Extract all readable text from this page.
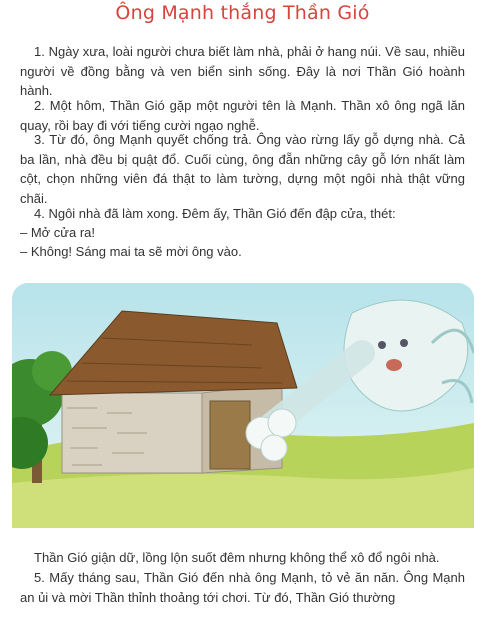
Ông Mạnh thắng Thần Gió
1. Ngày xưa, loài người chưa biết làm nhà, phải ở hang núi. Về sau, nhiều người về đồng bằng và ven biển sinh sống. Đây là nơi Thần Gió hoành hành.
2. Một hôm, Thần Gió gặp một người tên là Mạnh. Thần xô ông ngã lăn quay, rồi bay đi với tiếng cười ngạo nghễ.
3. Từ đó, ông Mạnh quyết chống trả. Ông vào rừng lấy gỗ dựng nhà. Cả ba lần, nhà đều bị quật đổ. Cuối cùng, ông đẵn những cây gỗ lớn nhất làm cột, chọn những viên đá thật to làm tường, dựng một ngôi nhà thật vững chãi.
4. Ngôi nhà đã làm xong. Đêm ấy, Thần Gió đến đập cửa, thét:
– Mở cửa ra!
– Không! Sáng mai ta sẽ mời ông vào.
Thần Gió giận dữ, lồng lộn suốt đêm nhưng không thể xô đổ ngôi nhà.
5. Mấy tháng sau, Thần Gió đến nhà ông Mạnh, tỏ vẻ ăn năn. Ông Mạnh an ủi và mời Thần thỉnh thoảng tới chơi. Từ đó, Thần Gió thường
